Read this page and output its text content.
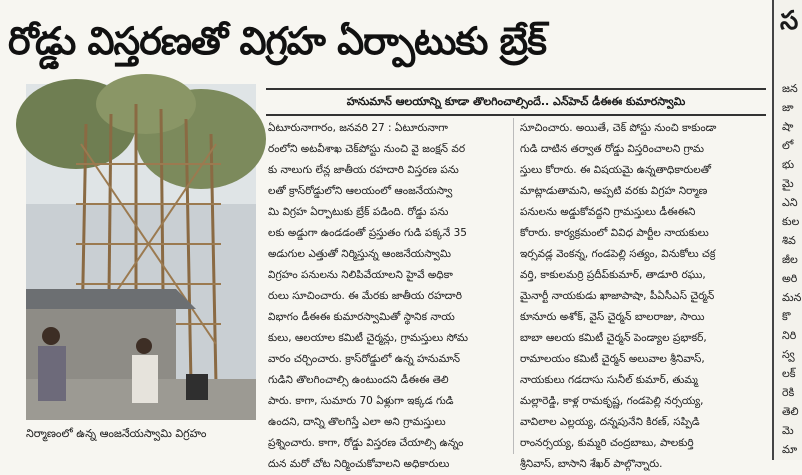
రోడ్డు విస్తరణతో విగ్రహ ఏర్పాటుకు బ్రేక్
నిర్మాణంలో ఉన్న ఆంజనేయస్వామి విగ్రహం
హనుమాన్ ఆలయాన్ని కూడా తొలగించాల్సిందే.. ఎన్‌హెచ్ డీఈఈ కుమారస్వామి
ఏటూరునాగారం, జనవరి 27 : ఏటూరునాగా
రంలోని అటవీశాఖ చెక్‌పోస్టు నుంచి వై జంక్షన్ వర
కు నాలుగు లేన్ల జాతీయ రహదారి విస్తరణ పను
లతో క్రాస్‌రోడ్డులోని ఆలయంలో ఆంజనేయస్వా
మి విగ్రహ ఏర్పాటుకు బ్రేక్ పడింది. రోడ్డు పను
లకు అడ్డుగా ఉండడంతో ప్రస్తుతం గుడి పక్కనే 35
అడుగుల ఎత్తుతో నిర్మిస్తున్న ఆంజనేయస్వామి
విగ్రహం పనులను నిలిపివేయాలని హైవే అధికా
రులు సూచించారు. ఈ మేరకు జాతీయ రహదారి
విభాగం డీఈఈ కుమారస్వామితో స్థానిక నాయ
కులు, ఆలయాల కమిటీ చైర్మన్లు, గ్రామస్తులు సోమ
వారం చర్చించారు. క్రాస్‌రోడ్డులో ఉన్న హనుమాన్
గుడిని తొలగించాల్సి ఉంటుందని డీఈఈ తెలి
పారు. కాగా, సుమారు 70 ఏళ్లుగా ఇక్కడ గుడి
ఉందని, దాన్ని తొలగిస్తే ఎలా అని గ్రామస్తులు
ప్రశ్నించారు. కాగా, రోడ్డు విస్తరణ చేయాల్సి ఉన్నం
దున మరో చోట నిర్మించుకోవాలని అధికారులు
సూచించారు. అయితే, చెక్ పోస్టు నుంచి కాకుండా
గుడి దాటిన తర్వాత రోడ్డు విస్తరించాలని గ్రామ
స్తులు కోరారు. ఈ విషయమై ఉన్నతాధికారులతో
మాట్లాడుతామని, అప్పటి వరకు విగ్రహ నిర్మాణ
పనులను అడ్డుకోవద్దని గ్రామస్తులు డీఈఈని
కోరారు. కార్యక్రమంలో వివిధ పార్టీల నాయకులు
ఇర్సవడ్ల వెంకన్న, గండపెల్లి సత్యం, వినుకోలు చక్ర
వర్తి, కాకులమర్రి ప్రదీప్‌కుమార్, తాడూరి రఘు,
మైనార్టీ నాయకుడు ఖాజాపాషా, పీఏసీఎస్ చైర్మన్
కూనూరు అశోక్, వైస్ చైర్మన్ బాలరాజు, సాయి
బాబా ఆలయ కమిటీ చైర్మన్ పెండ్యాల ప్రభాకర్,
రామాలయం కమిటీ చైర్మన్ అలువాల శ్రీనివాస్,
నాయకులు గడదాసు సునీల్ కుమార్, తుమ్మ
మల్లారెడ్డి, కాళ్ల రామకృష్ణ, గండపెల్లి నర్సయ్య,
వావిలాల ఎల్లయ్య, దన్నపునేని కిరణ్, సప్పిడి
రాంనర్సయ్య, కుమ్మరి చంద్రబాబు, పాలకుర్తి
శ్రీనివాస్, బాసాని శేఖర్ పాల్గొన్నారు.
స
జన
జా
షా
లో
భు
మై
ఎని
కుల
శివ
జీల
అరి
మన
కొ
నిరి
స్వ
లక్
రెకి
తెలి
మె
మా
